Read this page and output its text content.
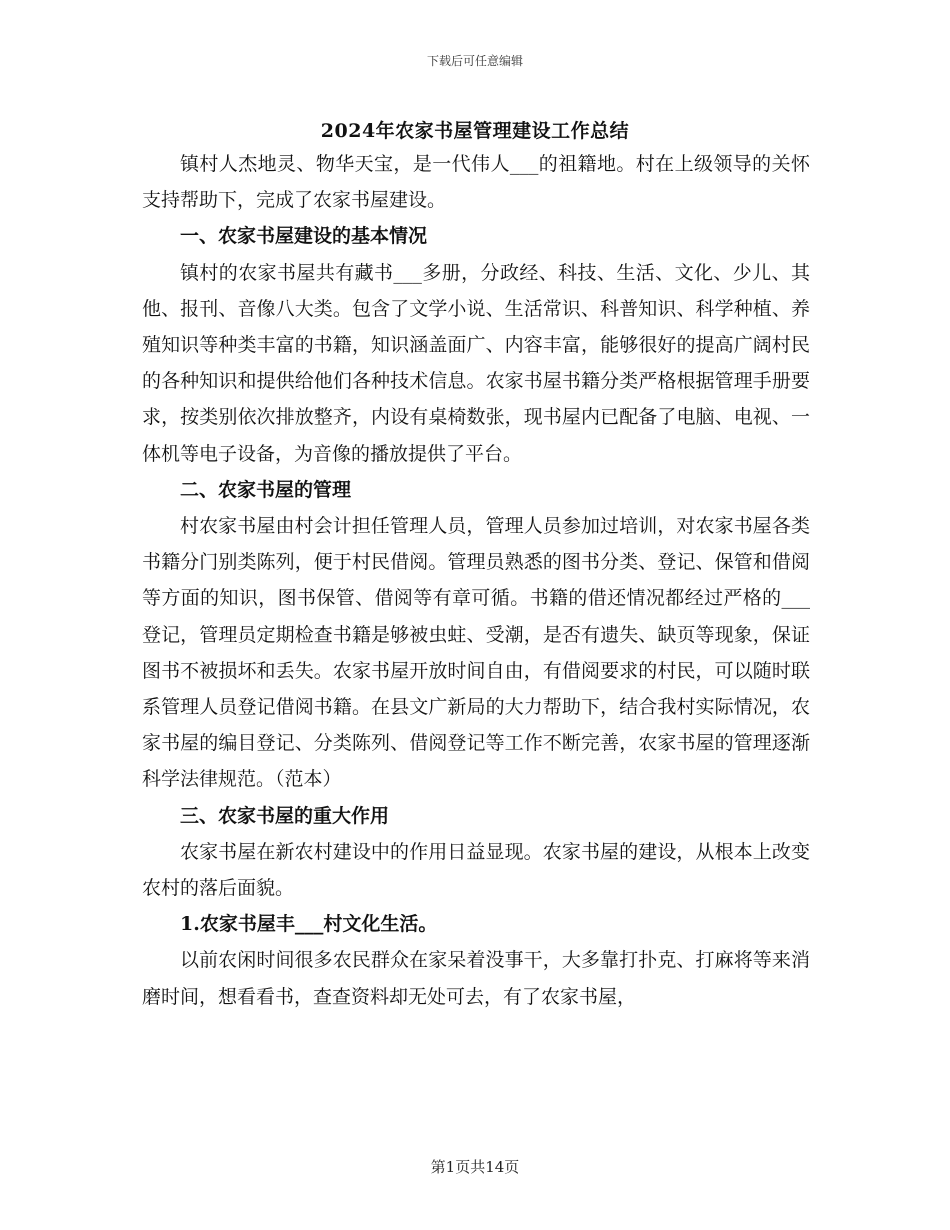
下载后可任意编辑
2024年农家书屋管理建设工作总结

镇村人杰地灵、物华天宝，是一代伟人___的祖籍地。村在上级领导的关怀支持帮助下，完成了农家书屋建设。

一、农家书屋建设的基本情况

镇村的农家书屋共有藏书___多册，分政经、科技、生活、文化、少儿、其他、报刊、音像八大类。包含了文学小说、生活常识、科普知识、科学种植、养殖知识等种类丰富的书籍，知识涵盖面广、内容丰富，能够很好的提高广阔村民的各种知识和提供给他们各种技术信息。农家书屋书籍分类严格根据管理手册要求，按类别依次排放整齐，内设有桌椅数张，现书屋内已配备了电脑、电视、一体机等电子设备，为音像的播放提供了平台。

二、农家书屋的管理

村农家书屋由村会计担任管理人员，管理人员参加过培训，对农家书屋各类书籍分门别类陈列，便于村民借阅。管理员熟悉的图书分类、登记、保管和借阅等方面的知识，图书保管、借阅等有章可循。书籍的借还情况都经过严格的___登记，管理员定期检查书籍是够被虫蛀、受潮，是否有遗失、缺页等现象，保证图书不被损坏和丢失。农家书屋开放时间自由，有借阅要求的村民，可以随时联系管理人员登记借阅书籍。在县文广新局的大力帮助下，结合我村实际情况，农家书屋的编目登记、分类陈列、借阅登记等工作不断完善，农家书屋的管理逐渐科学法律规范。（范本）

三、农家书屋的重大作用

农家书屋在新农村建设中的作用日益显现。农家书屋的建设，从根本上改变农村的落后面貌。

1.农家书屋丰___村文化生活。

以前农闲时间很多农民群众在家呆着没事干，大多靠打扑克、打麻将等来消磨时间，想看看书，查查资料却无处可去，有了农家书屋，

第1页共14页
